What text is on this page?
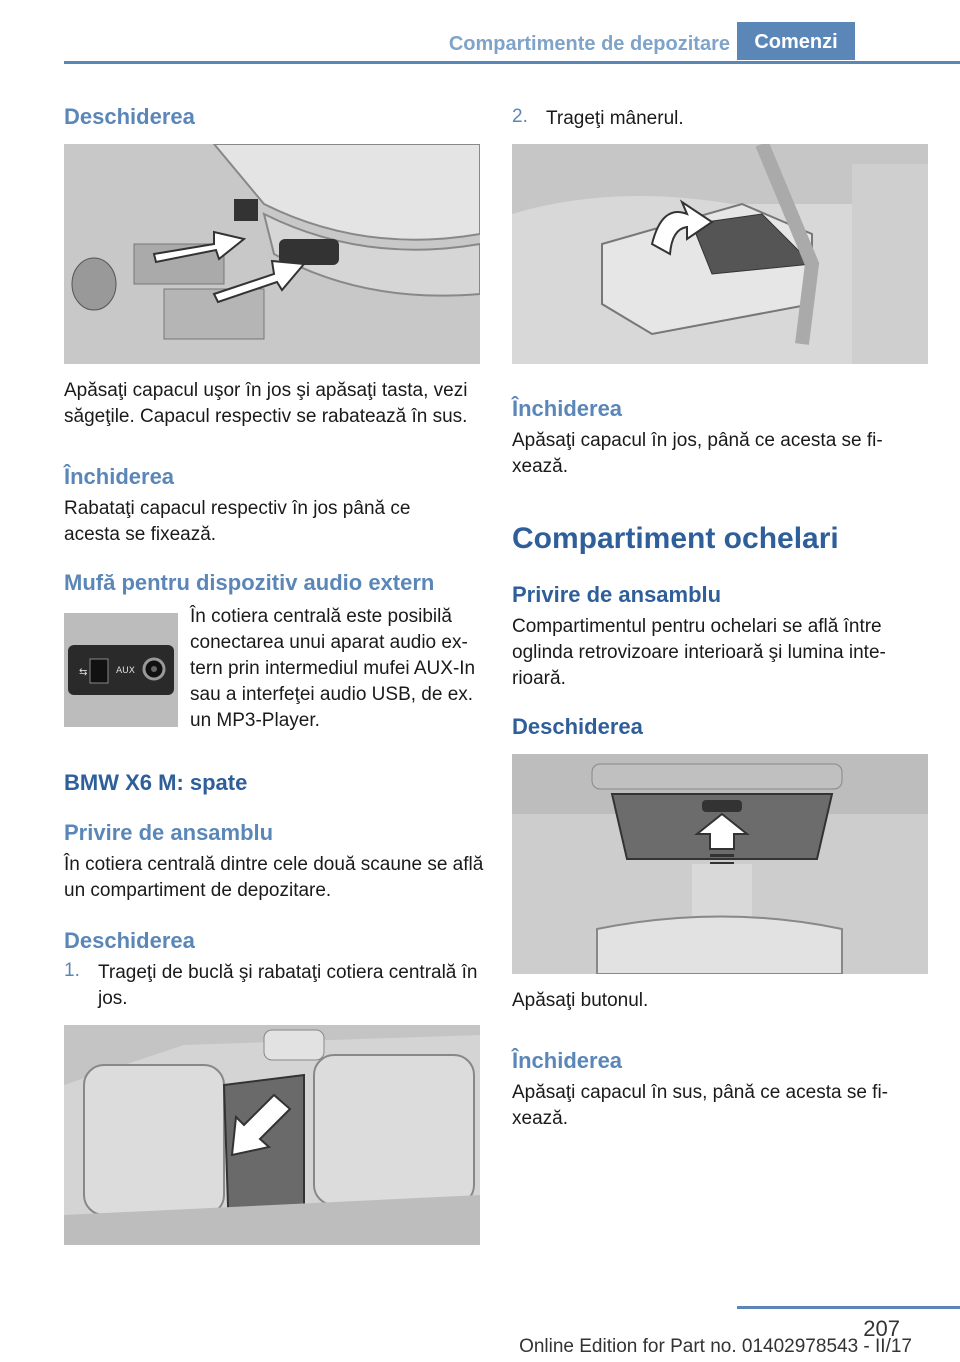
Compartimente de depozitare	Comenzi
Deschiderea
Apăsaţi capacul uşor în jos şi apăsaţi tasta, vezi săgeţile. Capacul respectiv se rabatează în sus.
Închiderea
Rabataţi capacul respectiv în jos până ce acesta se fixează.
Mufă pentru dispozitiv audio extern
⇆	AUX
În cotiera centrală este posibilă conectarea unui aparat audio ex‐tern prin intermediul mufei AUX-In sau a interfeţei audio USB, de ex. un MP3-Player.
BMW X6 M: spate
Privire de ansamblu
În cotiera centrală dintre cele două scaune se află un compartiment de depozitare.
Deschiderea
1. Trageţi de buclă şi rabataţi cotiera centrală în jos.
2. Trageţi mânerul.
Închiderea
Apăsaţi capacul în jos, până ce acesta se fi‐xează.
Compartiment ochelari
Privire de ansamblu
Compartimentul pentru ochelari se află între oglinda retrovizoare interioară şi lumina inte‐rioară.
Deschiderea
Apăsaţi butonul.
Închiderea
Apăsaţi capacul în sus, până ce acesta se fi‐xează.
207
Online Edition for Part no. 01402978543 - II/17
